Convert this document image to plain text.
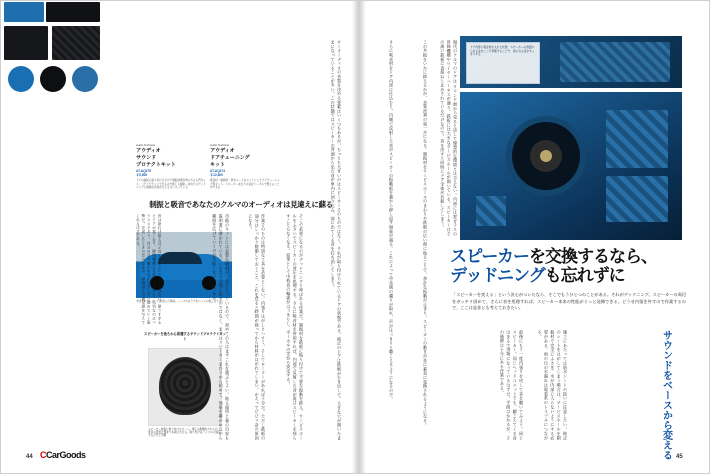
Audio Technica
アウディオ
サウンド
プロテクトキット
AT-AQ475
￥9,800
ドアの鉄板に貼り付けるだけで制振効果が得られる入門キット。ハサミでカットできるので施工も簡単。初めてのデッドニングに最適な内容がひとそろい入っている
Audio Technica
アウディオ
ドアチューニング
キット
AT-AQ474
￥12,800
吸音材・制振材・防水シートをセットにしたドアチューニング用キット。スピーカーまわりの音をトータルで整えることができる
制振と吸音であなたのクルマのオーディオは見違えに蘇る
今回デモカーとして使用した車両。ノーマルのドアをベースに施工していく
スピーカーを後ろから保護するサウンドプロテクトキット
スピーカー背面に取り付けるカバー。背圧の影響をやわらげ、低音の量感と締まりを両立させる。取り付けはバッフルに固定するだけと手軽	カーオーディオの音質を決める要素はいくつもあるが、もっとも大きいのはスピーカーそのものではなく、それが取り付けられているドアの状態である。純正のドアは鉄板がむき出しで、大きな穴が開いたままになっていることが多い。この状態ではスピーカーの背面から出た音が車内に回り込み、前に出てくる音を打ち消してしまう。
そこで必要になるのがデッドニングと呼ばれる作業だ。制振材を鉄板に貼り付けて不要な振動を抑え、サービスホールをふさいでスピーカーの背圧を処理する。さらに吸音材を併用すれば、内部で反射した音が再びスピーカーを揺らすこともなくなる。結果として中低音の輪郭がはっきりし、ボーカルの定位も安定する。
作業そのものは特別な工具を必要としない。内張りはがしとハサミ、そしてローラーがあれば十分だ。ただし鉄板の油分はしっかり脱脂しておくこと。これを怠ると時間が経ってから材料がはがれてしまい、かえってビビリ音の原因になる。
市販のキットには必要な材料が一式そろっているので、初めての人はまずこれを選ぶとよい。貼る場所と量の目安も説明書に書かれている。いきなり全面に貼るのではなく、まずはスピーカーまわりから始めて、効果を確かめながら範囲を広げていくのが失敗しないコツである。
音は貼れば貼るほど良くなるというものではない。貼りすぎるとドアが重くなり、開閉機構にも負担がかかる。大切なのはバランスであり、自分の耳で確かめながら少しずつ進めていく姿勢だ。完成したときの音の変化は、価格以上の満足感を与えてくれるはずである。
ドア内部に吸音材を入れた状態。スピーカーの背面から出る音をここで処理することで、前に出る音がすっきりする
スピーカーを交換するなら、
デッドニングも忘れずに
「スピーカーを変える」という決心がついたなら、そこでもうひとつのことがある。それがデッドニング。スピーカーの周辺をガッチリ固めて、さらに音を処理すれば、スピーカー本来の性能がぐっと発揮できる。どうせ内張を外すので作業するので、ここは是非とも考えておきたい。
サウンドをベースから変える
現代のクルマのドアは サウンド面から見ると決して理想的な環境とは言えない。内部には窓ガラスの昇降機構やワイヤーハーネスが通り、鉄板には大きなサービスホールが開いている。スピーカーはその薄い鉄板に直接ねじ止めされているだけなので、音を出すと同時にドア全体が共振してしまう。
この共振をいかに抑えるかが、音質改善の第一歩になる。制振材をサービスホールのまわりや鉄板の広い面に貼ることで、余計な振動が止まり、スピーカーの動きが音に素直に変換されるようになる。
さらに吸音材をドア内部に仕込むと、内側で反射した音がスピーカーの振動板を裏から押し返す現象が減る。これによって中音域の濁りが取れ、声がはっきりと聴こえるようになるのだ。	施工にあたっては防水シートの扱いに注意したい。純正のシートをはがしてしまう場合は、サービスホールを制振材で完全にふさぎ、水が内部に入らないようにする必要がある。雨の日の水漏れは電装系のトラブルにつながる。
最後にもう一度内張りを戻して音を聴いてみよう。同じスピーカー、同じヘッドユニットでも、聴こえてくる音はまるで別物になっているはずだ。手間はかかるが、その価値は十分にある作業である。
44 CCarGoods	45
